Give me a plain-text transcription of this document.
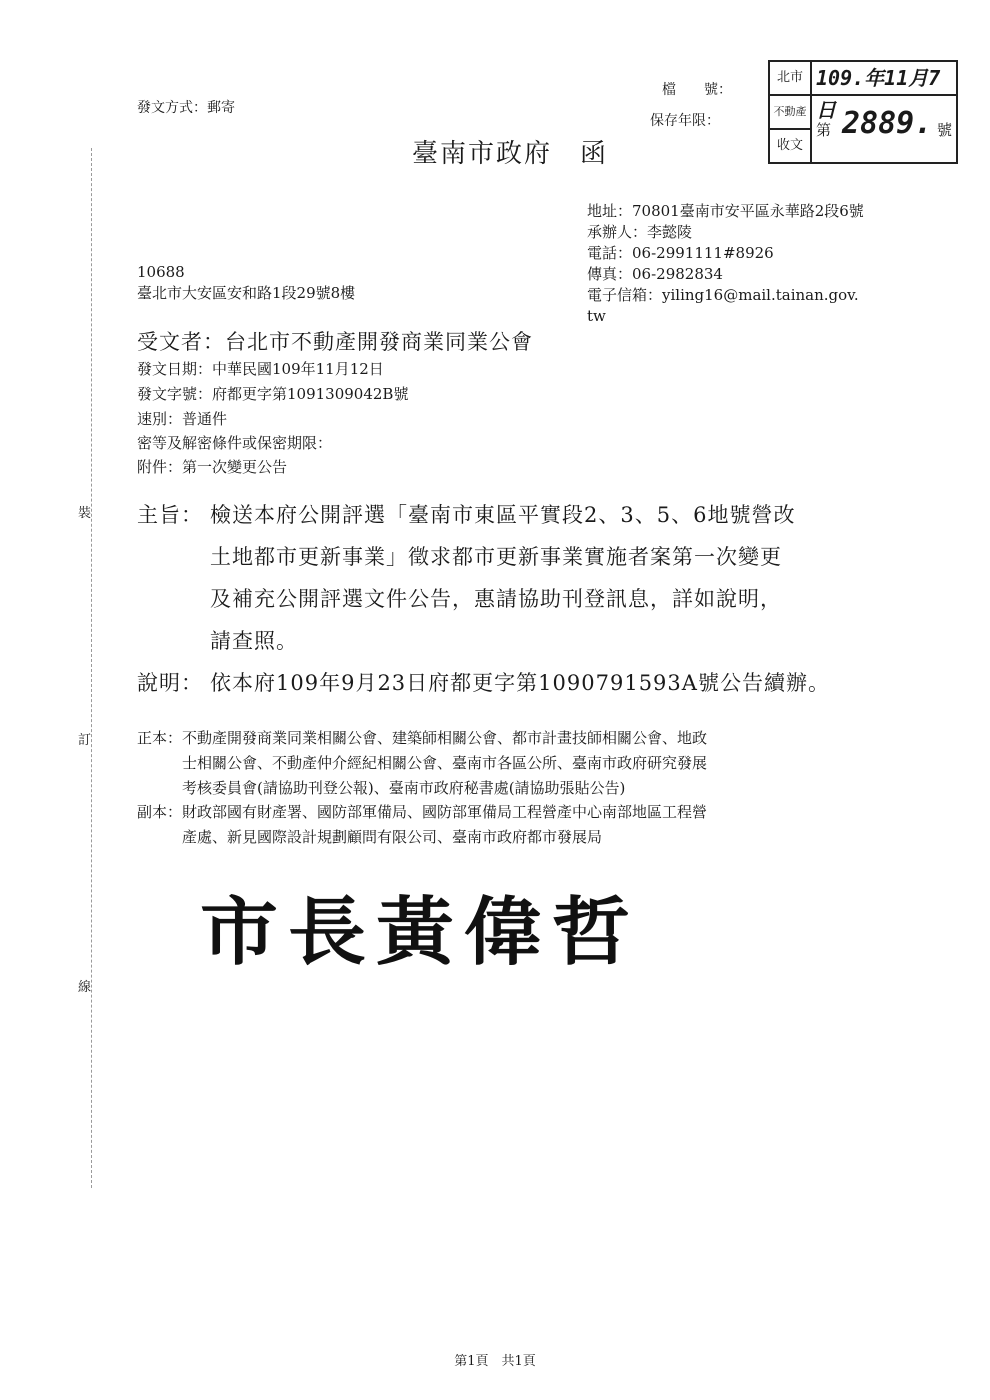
裝
訂
線
發文方式：郵寄
檔　　號：
保存年限：
臺南市政府　函
北市
不動產
收文
109.年11月7日
第 2889. 號
地址：70801臺南市安平區永華路2段6號
承辦人：李懿陵
電話：06-2991111#8926
傳真：06-2982834
電子信箱：yiling16@mail.tainan.gov.
tw
10688
臺北市大安區安和路1段29號8樓
受文者：台北市不動產開發商業同業公會
發文日期：中華民國109年11月12日
發文字號：府都更字第1091309042B號
速別：普通件
密等及解密條件或保密期限：
附件：第一次變更公告
主旨： 檢送本府公開評選「臺南市東區平實段2、3、5、6地號營改
土地都市更新事業」徵求都市更新事業實施者案第一次變更
及補充公開評選文件公告，惠請協助刊登訊息，詳如說明，
請查照。
說明： 依本府109年9月23日府都更字第1090791593A號公告續辦。
正本： 不動產開發商業同業相關公會、建築師相關公會、都市計畫技師相關公會、地政
士相關公會、不動產仲介經紀相關公會、臺南市各區公所、臺南市政府研究發展
考核委員會(請協助刊登公報)、臺南市政府秘書處(請協助張貼公告)
副本： 財政部國有財產署、國防部軍備局、國防部軍備局工程營產中心南部地區工程營
產處、新見國際設計規劃顧問有限公司、臺南市政府都市發展局
市長黃偉哲
第1頁　共1頁
